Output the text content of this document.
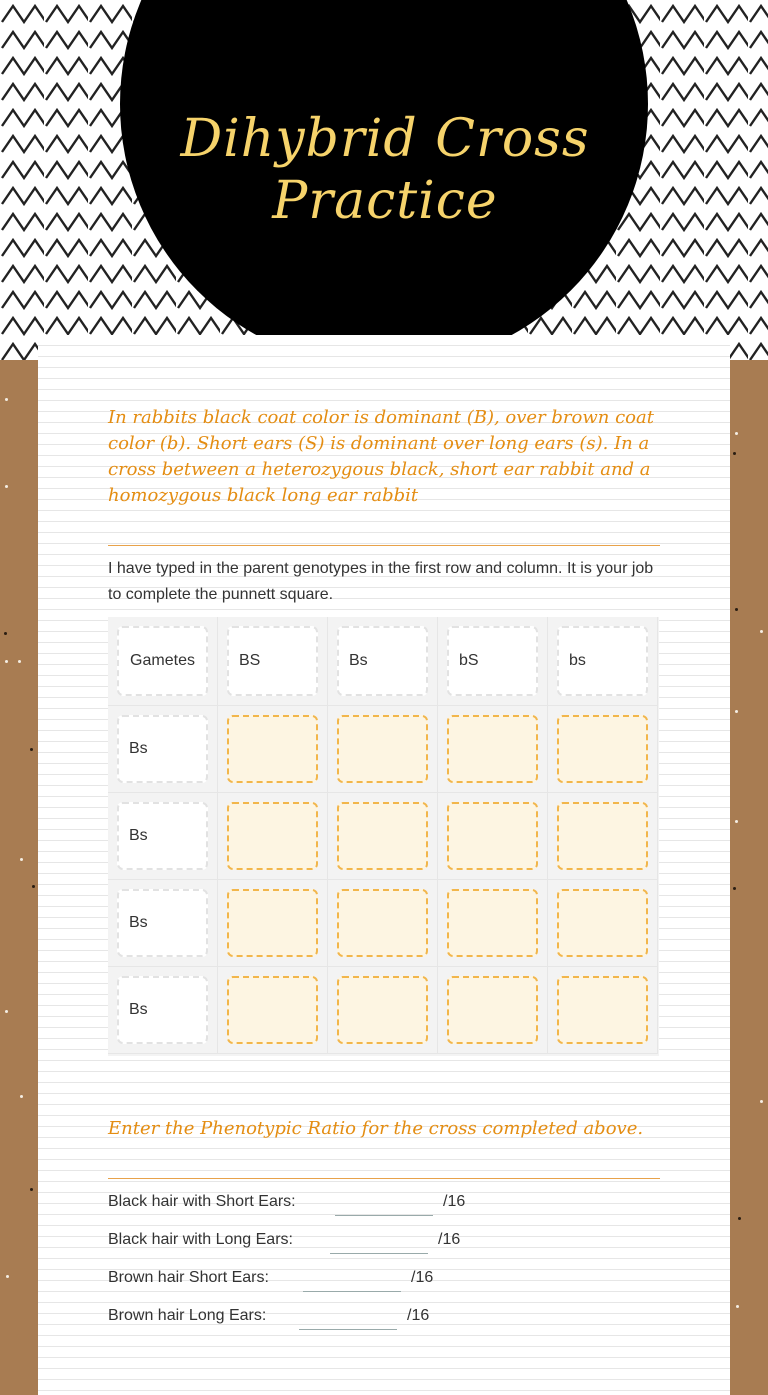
Dihybrid Cross Practice
In rabbits black coat color is dominant (B), over brown coat color (b). Short ears (S) is dominant over long ears (s). In a cross between a heterozygous black, short ear rabbit and a homozygous black long ear rabbit
I have typed in the parent genotypes in the first row and column. It is your job to complete the punnett square.
Gametes	BS	Bs	bS	bs
Bs
Bs
Bs
Bs
Enter the Phenotypic Ratio for the cross completed above.
Black hair with Short Ears:	/16
Black hair with Long Ears:	/16
Brown hair Short Ears:	/16
Brown hair Long Ears:	/16
